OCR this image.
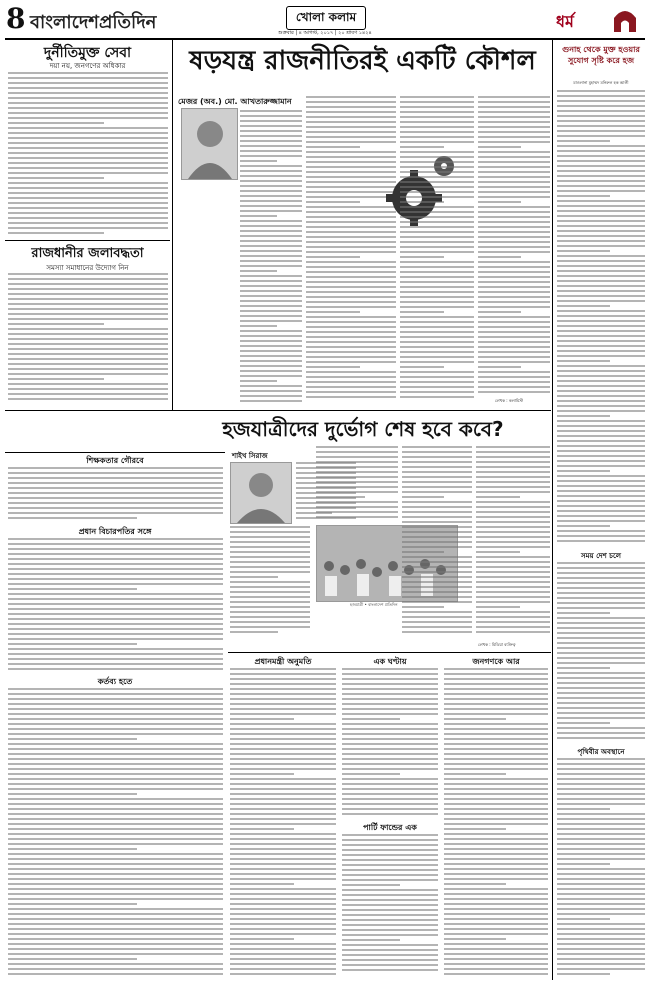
8 বাংলাদেশপ্রতিদিন	খোলা কলাম
শুক্রবার | ৪ আগস্ট, ২০১৭ | ২০ শ্রাবণ ১৪২৪
ধর্ম
দুর্নীতিমুক্ত সেবা
দয়া নয়, জনগণের অধিকার
রাজধানীর জলাবদ্ধতা
সমস্যা সমাধানের উদ্যোগ নিন
ষড়যন্ত্র রাজনীতিরই একটি কৌশল
মেজর (অব.) মো. আখতারুজ্জামান
লেখক : কলামিস্ট
গুনাহ থেকে মুক্ত হওয়ার সুযোগ সৃষ্টি করে হজ
মাওলানা মুহাম্মদ মনিরুল হক আলী
সময় দেশ চলে
পৃথিবীর অবস্থানে
হজযাত্রীদের দুর্ভোগ শেষ হবে কবে?
শাইখ সিরাজ
হজযাত্রী • বাংলাদেশ প্রতিদিন
লেখক : মিডিয়া ব্যক্তিত্ব
শিক্ষকতার গৌরবে
প্রধান বিচারপতির সঙ্গে
কর্তব্য হতে
প্রধানমন্ত্রী অনুমতি	এক ঘণ্টায়	জনগণকে আর
পার্টি ফান্ডের এক
